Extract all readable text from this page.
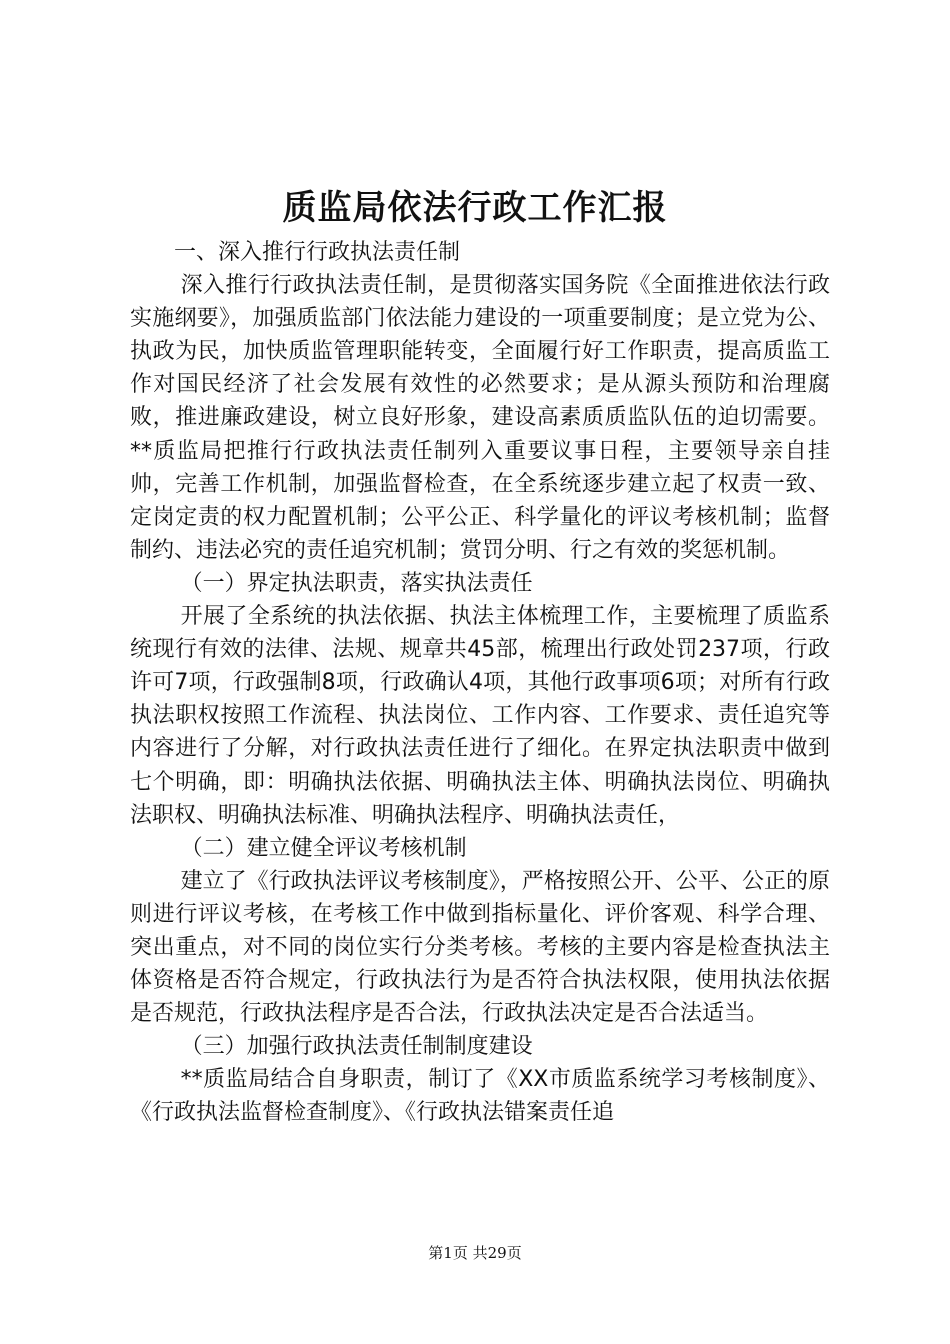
质监局依法行政工作汇报

一、深入推行行政执法责任制

深入推行行政执法责任制，是贯彻落实国务院《全面推进依法行政实施纲要》，加强质监部门依法能力建设的一项重要制度；是立党为公、执政为民，加快质监管理职能转变，全面履行好工作职责，提高质监工作对国民经济了社会发展有效性的必然要求；是从源头预防和治理腐败，推进廉政建设，树立良好形象，建设高素质质监队伍的迫切需要。**质监局把推行行政执法责任制列入重要议事日程，主要领导亲自挂帅，完善工作机制，加强监督检查，在全系统逐步建立起了权责一致、定岗定责的权力配置机制；公平公正、科学量化的评议考核机制；监督制约、违法必究的责任追究机制；赏罚分明、行之有效的奖惩机制。

（一）界定执法职责，落实执法责任

开展了全系统的执法依据、执法主体梳理工作，主要梳理了质监系统现行有效的法律、法规、规章共45部，梳理出行政处罚237项，行政许可7项，行政强制8项，行政确认4项，其他行政事项6项；对所有行政执法职权按照工作流程、执法岗位、工作内容、工作要求、责任追究等内容进行了分解，对行政执法责任进行了细化。在界定执法职责中做到七个明确，即：明确执法依据、明确执法主体、明确执法岗位、明确执法职权、明确执法标准、明确执法程序、明确执法责任，

（二）建立健全评议考核机制

建立了《行政执法评议考核制度》，严格按照公开、公平、公正的原则进行评议考核，在考核工作中做到指标量化、评价客观、科学合理、突出重点，对不同的岗位实行分类考核。考核的主要内容是检查执法主体资格是否符合规定，行政执法行为是否符合执法权限，使用执法依据是否规范，行政执法程序是否合法，行政执法决定是否合法适当。

（三）加强行政执法责任制制度建设

**质监局结合自身职责，制订了《XX市质监系统学习考核制度》、《行政执法监督检查制度》、《行政执法错案责任追

第1页 共29页
